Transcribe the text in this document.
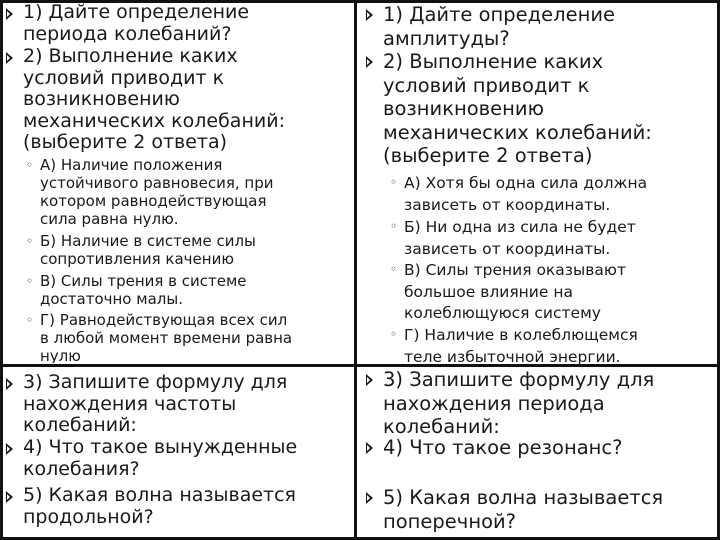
1) Дайте определение
периода колебаний?
2) Выполнение каких
условий приводит к
возникновению
механических колебаний:
(выберите 2 ответа)
◦ А) Наличие положения
устойчивого равновесия, при
котором равнодействующая
сила равна нулю.
◦ Б) Наличие в системе силы
сопротивления качению
◦ В) Силы трения в системе
достаточно малы.
◦ Г) Равнодействующая всех сил
в любой момент времени равна
нулю
3) Запишите формулу для
нахождения частоты
колебаний:
4) Что такое вынужденные
колебания?
5) Какая волна называется
продольной?
1) Дайте определение
амплитуды?
2) Выполнение каких
условий приводит к
возникновению
механических колебаний:
(выберите 2 ответа)
◦ А) Хотя бы одна сила должна
зависеть от координаты.
◦ Б) Ни одна из сила не будет
зависеть от координаты.
◦ В) Силы трения оказывают
большое влияние на
колеблющуюся систему
◦ Г) Наличие в колеблющемся
теле избыточной энергии.
3) Запишите формулу для
нахождения периода
колебаний:
4) Что такое резонанс?
5) Какая волна называется
поперечной?
